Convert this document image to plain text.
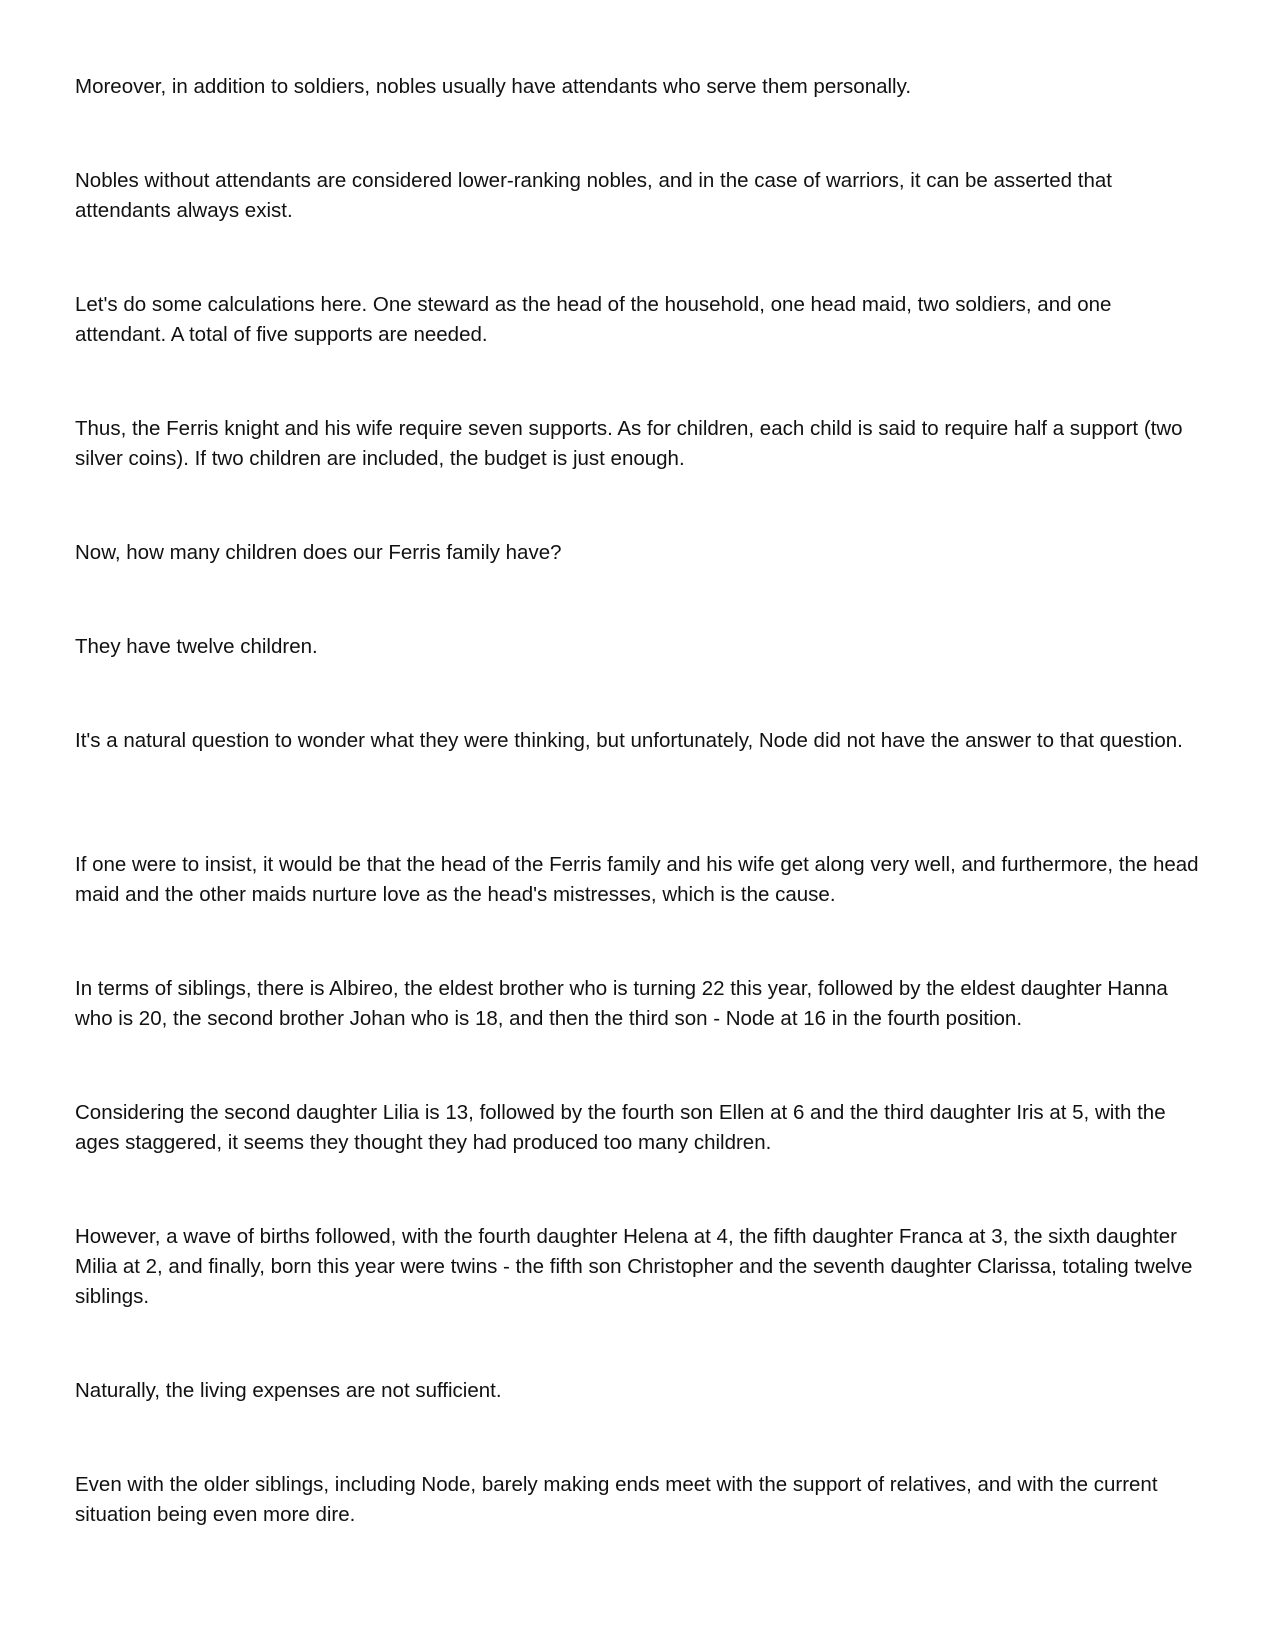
Moreover, in addition to soldiers, nobles usually have attendants who serve them personally.

Nobles without attendants are considered lower-ranking nobles, and in the case of warriors, it can be asserted that attendants always exist.

Let's do some calculations here. One steward as the head of the household, one head maid, two soldiers, and one attendant. A total of five supports are needed.

Thus, the Ferris knight and his wife require seven supports. As for children, each child is said to require half a support (two silver coins). If two children are included, the budget is just enough.

Now, how many children does our Ferris family have?

They have twelve children.

It's a natural question to wonder what they were thinking, but unfortunately, Node did not have the answer to that question.

If one were to insist, it would be that the head of the Ferris family and his wife get along very well, and furthermore, the head maid and the other maids nurture love as the head's mistresses, which is the cause.

In terms of siblings, there is Albireo, the eldest brother who is turning 22 this year, followed by the eldest daughter Hanna who is 20, the second brother Johan who is 18, and then the third son - Node at 16 in the fourth position.

Considering the second daughter Lilia is 13, followed by the fourth son Ellen at 6 and the third daughter Iris at 5, with the ages staggered, it seems they thought they had produced too many children.

However, a wave of births followed, with the fourth daughter Helena at 4, the fifth daughter Franca at 3, the sixth daughter Milia at 2, and finally, born this year were twins - the fifth son Christopher and the seventh daughter Clarissa, totaling twelve siblings.

Naturally, the living expenses are not sufficient.

Even with the older siblings, including Node, barely making ends meet with the support of relatives, and with the current situation being even more dire.
